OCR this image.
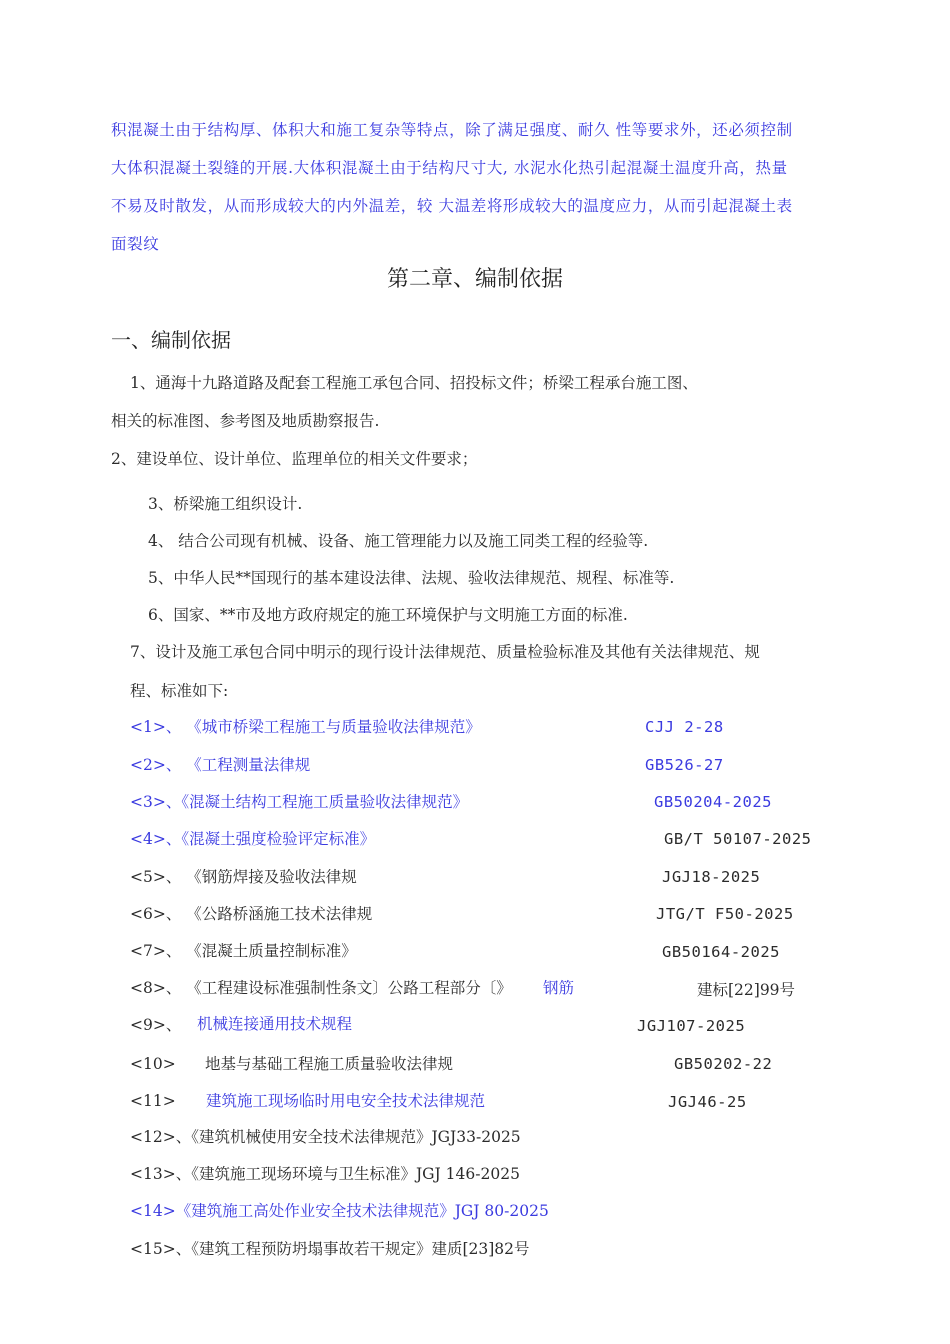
积混凝土由于结构厚、体积大和施工复杂等特点，除了满足强度、耐久 性等要求外，还必须控制
大体积混凝土裂缝的开展.大体积混凝土由于结构尺寸大, 水泥水化热引起混凝土温度升高，热量
不易及时散发，从而形成较大的内外温差，较 大温差将形成较大的温度应力，从而引起混凝土表
面裂纹
第二章、编制依据
一、编制依据
1、通海十九路道路及配套工程施工承包合同、招投标文件；桥梁工程承台施工图、
相关的标准图、参考图及地质勘察报告.
2、建设单位、设计单位、监理单位的相关文件要求；
3、桥梁施工组织设计.
4、 结合公司现有机械、设备、施工管理能力以及施工同类工程的经验等.
5、中华人民**国现行的基本建设法律、法规、验收法律规范、规程、标准等.
6、国家、**市及地方政府规定的施工环境保护与文明施工方面的标准.
7、设计及施工承包合同中明示的现行设计法律规范、质量检验标准及其他有关法律规范、规
程、标准如下:
<1>、 《城市桥梁工程施工与质量验收法律规范》	CJJ 2-28
<2>、 《工程测量法律规	GB526-27
<3>、《混凝土结构工程施工质量验收法律规范》	GB50204-2025
<4>、《混凝土强度检验评定标准》	GB/T 50107-2025
<5>、 《钢筋焊接及验收法律规	JGJ18-2025
<6>、 《公路桥涵施工技术法律规	JTG/T F50-2025
<7>、 《混凝土质量控制标准》	GB50164-2025
<8>、 《工程建设标准强制性条文〕公路工程部分〔》 钢筋	建标[22]99号
<9>、 机械连接通用技术规程	JGJ107-2025
<10> 地基与基础工程施工质量验收法律规	GB50202-22
<11> 建筑施工现场临时用电安全技术法律规范	JGJ46-25
<12>、《建筑机械使用安全技术法律规范》JGJ33-2025
<13>、《建筑施工现场环境与卫生标准》JGJ 146-2025
<14>《建筑施工高处作业安全技术法律规范》JGJ 80-2025
<15>、《建筑工程预防坍塌事故若干规定》建质[23]82号
